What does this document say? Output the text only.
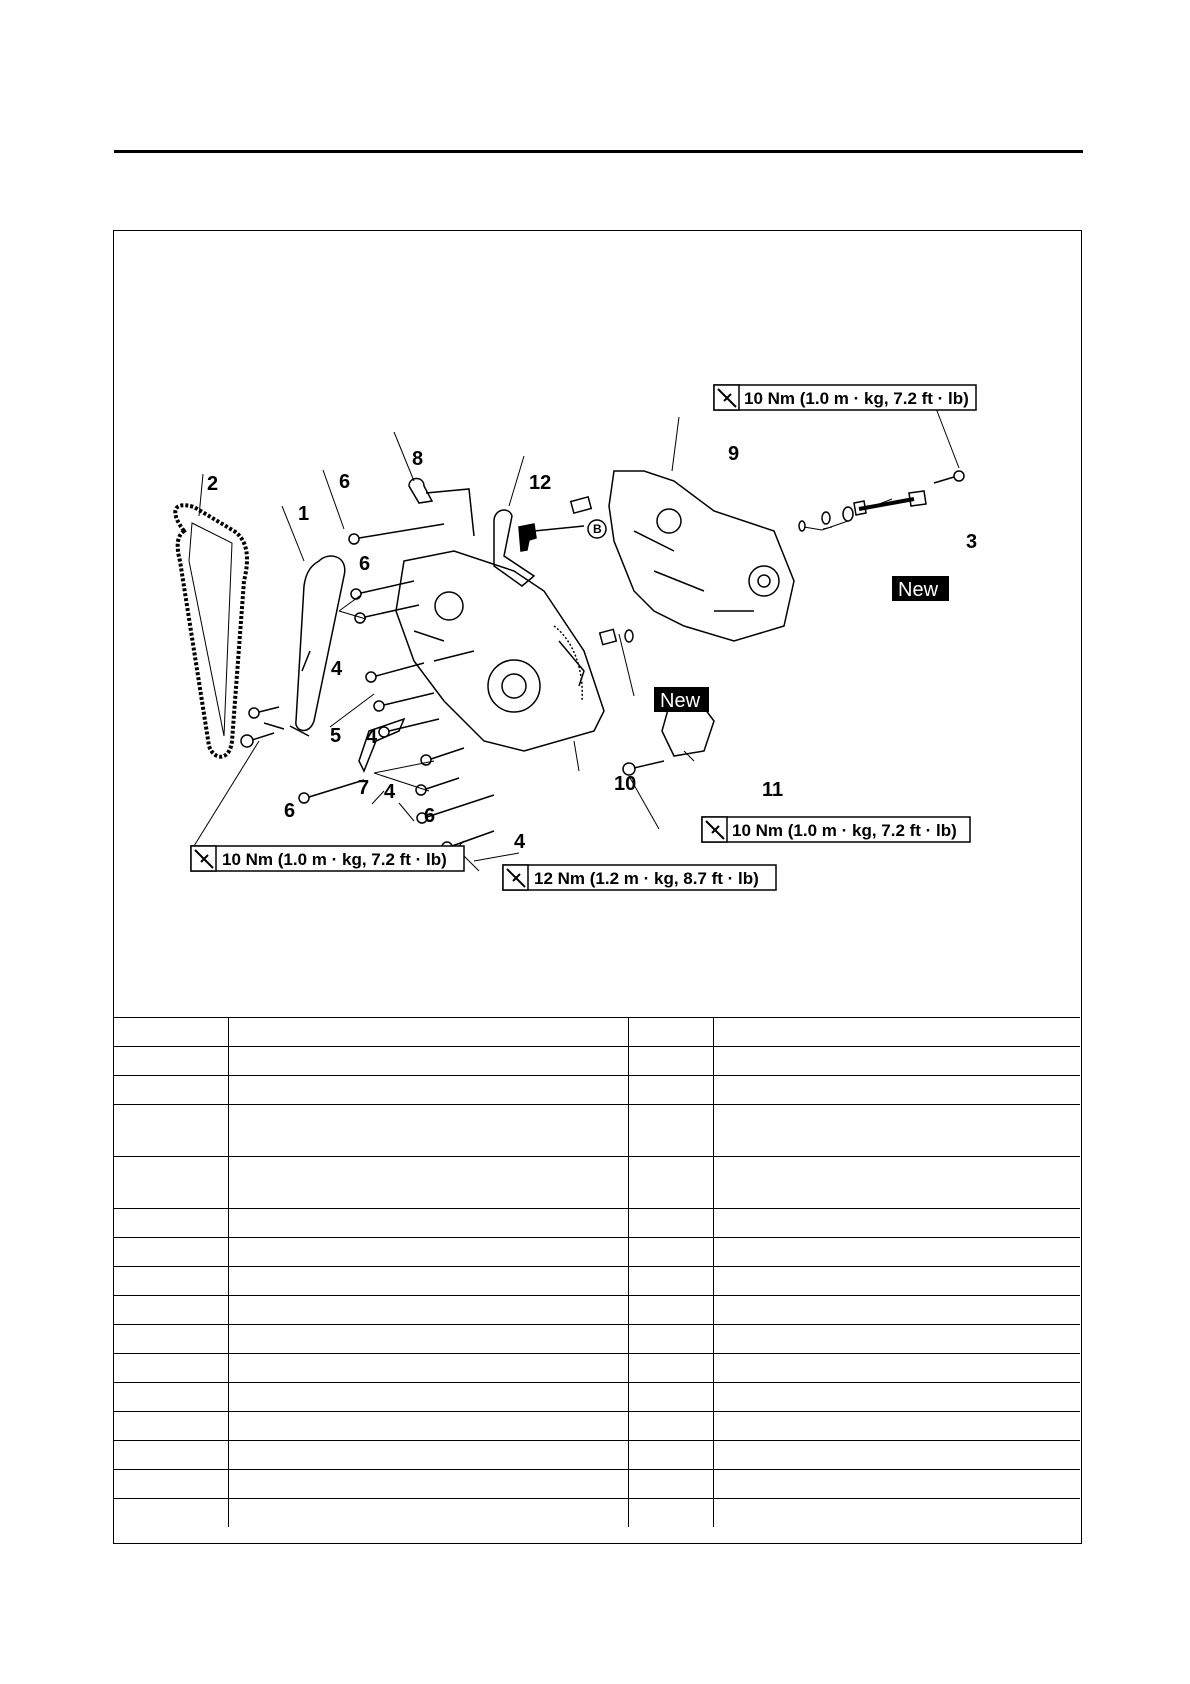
10 Nm (1.0 m · kg, 7.2 ft · lb)
10 Nm (1.0 m · kg, 7.2 ft · lb)
10 Nm (1.0 m · kg, 7.2 ft · lb)
12 Nm (1.2 m · kg, 8.7 ft · lb)
New
New
B
1
2
3
4
4
4
4
5
6
6
6	6
7
8	9
10	11
12
